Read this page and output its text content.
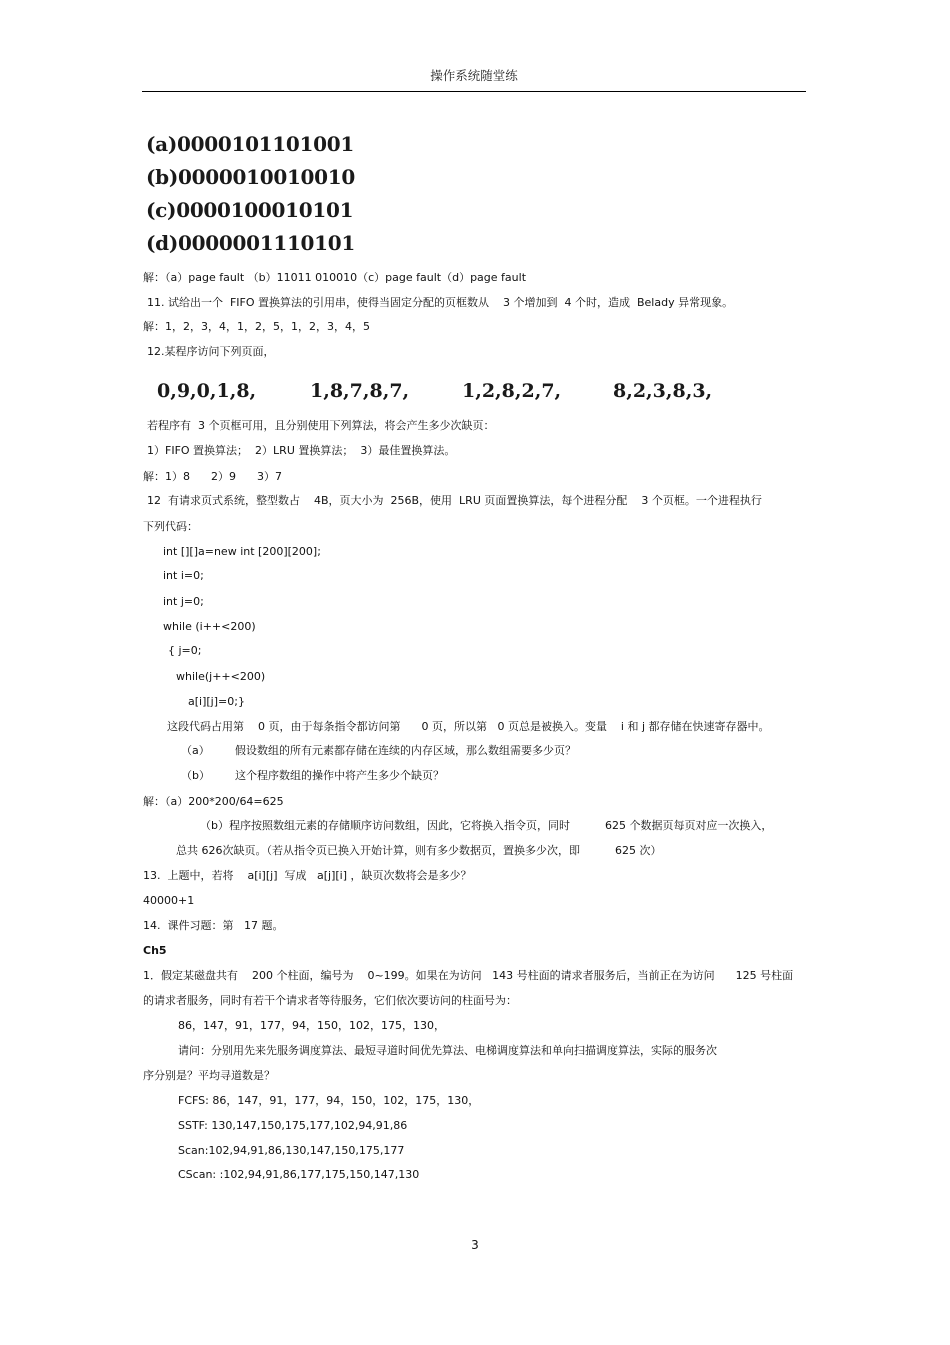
操作系统随堂练
(a)0000101101001
(b)0000010010010
(c)0000100010101
(d)0000001110101
解：（a）page fault （b）11011 010010（c）page fault（d）page fault
11. 试给出一个  FIFO 置换算法的引用串，使得当固定分配的页框数从    3 个增加到  4 个时，造成  Belady 异常现象。
解：1，2，3，4，1，2，5，1，2，3，4，5
12.某程序访问下列页面，
0,9,0,1,8,	1,8,7,8,7,	1,2,8,2,7,	8,2,3,8,3,
若程序有  3 个页框可用，且分别使用下列算法，将会产生多少次缺页：
1）FIFO 置换算法；  2）LRU 置换算法；  3）最佳置换算法。
解：1）8      2）9      3）7
12  有请求页式系统，整型数占    4B，页大小为  256B，使用  LRU 页面置换算法，每个进程分配    3 个页框。一个进程执行
下列代码：
int [][]a=new int [200][200];
int i=0;
int j=0;
while (i++<200)
{ j=0;
while(j++<200)
a[i][j]=0;}
这段代码占用第    0 页，由于每条指令都访问第      0 页，所以第   0 页总是被换入。变量    i 和 j 都存储在快速寄存器中。
（a） 假设数组的所有元素都存储在连续的内存区域，那么数组需要多少页？
（b） 这个程序数组的操作中将产生多少个缺页？
解：（a）200*200/64=625
（b）程序按照数组元素的存储顺序访问数组，因此，它将换入指令页，同时          625 个数据页每页对应一次换入，
总共 626次缺页。（若从指令页已换入开始计算，则有多少数据页，置换多少次，即          625 次）
13.  上题中，若将    a[i][j]  写成   a[j][i] ，缺页次数将会是多少？
40000+1
14.  课件习题：第   17 题。
Ch5
1．假定某磁盘共有    200 个柱面，编号为    0~199。如果在为访问   143 号柱面的请求者服务后，当前正在为访问      125 号柱面
的请求者服务，同时有若干个请求者等待服务，它们依次要访问的柱面号为：
86，147，91，177，94，150，102，175，130，
请问：分别用先来先服务调度算法、最短寻道时间优先算法、电梯调度算法和单向扫描调度算法，实际的服务次
序分别是？平均寻道数是？
FCFS: 86，147，91，177，94，150，102，175，130，
SSTF: 130,147,150,175,177,102,94,91,86
Scan:102,94,91,86,130,147,150,175,177
CScan: :102,94,91,86,177,175,150,147,130
3
